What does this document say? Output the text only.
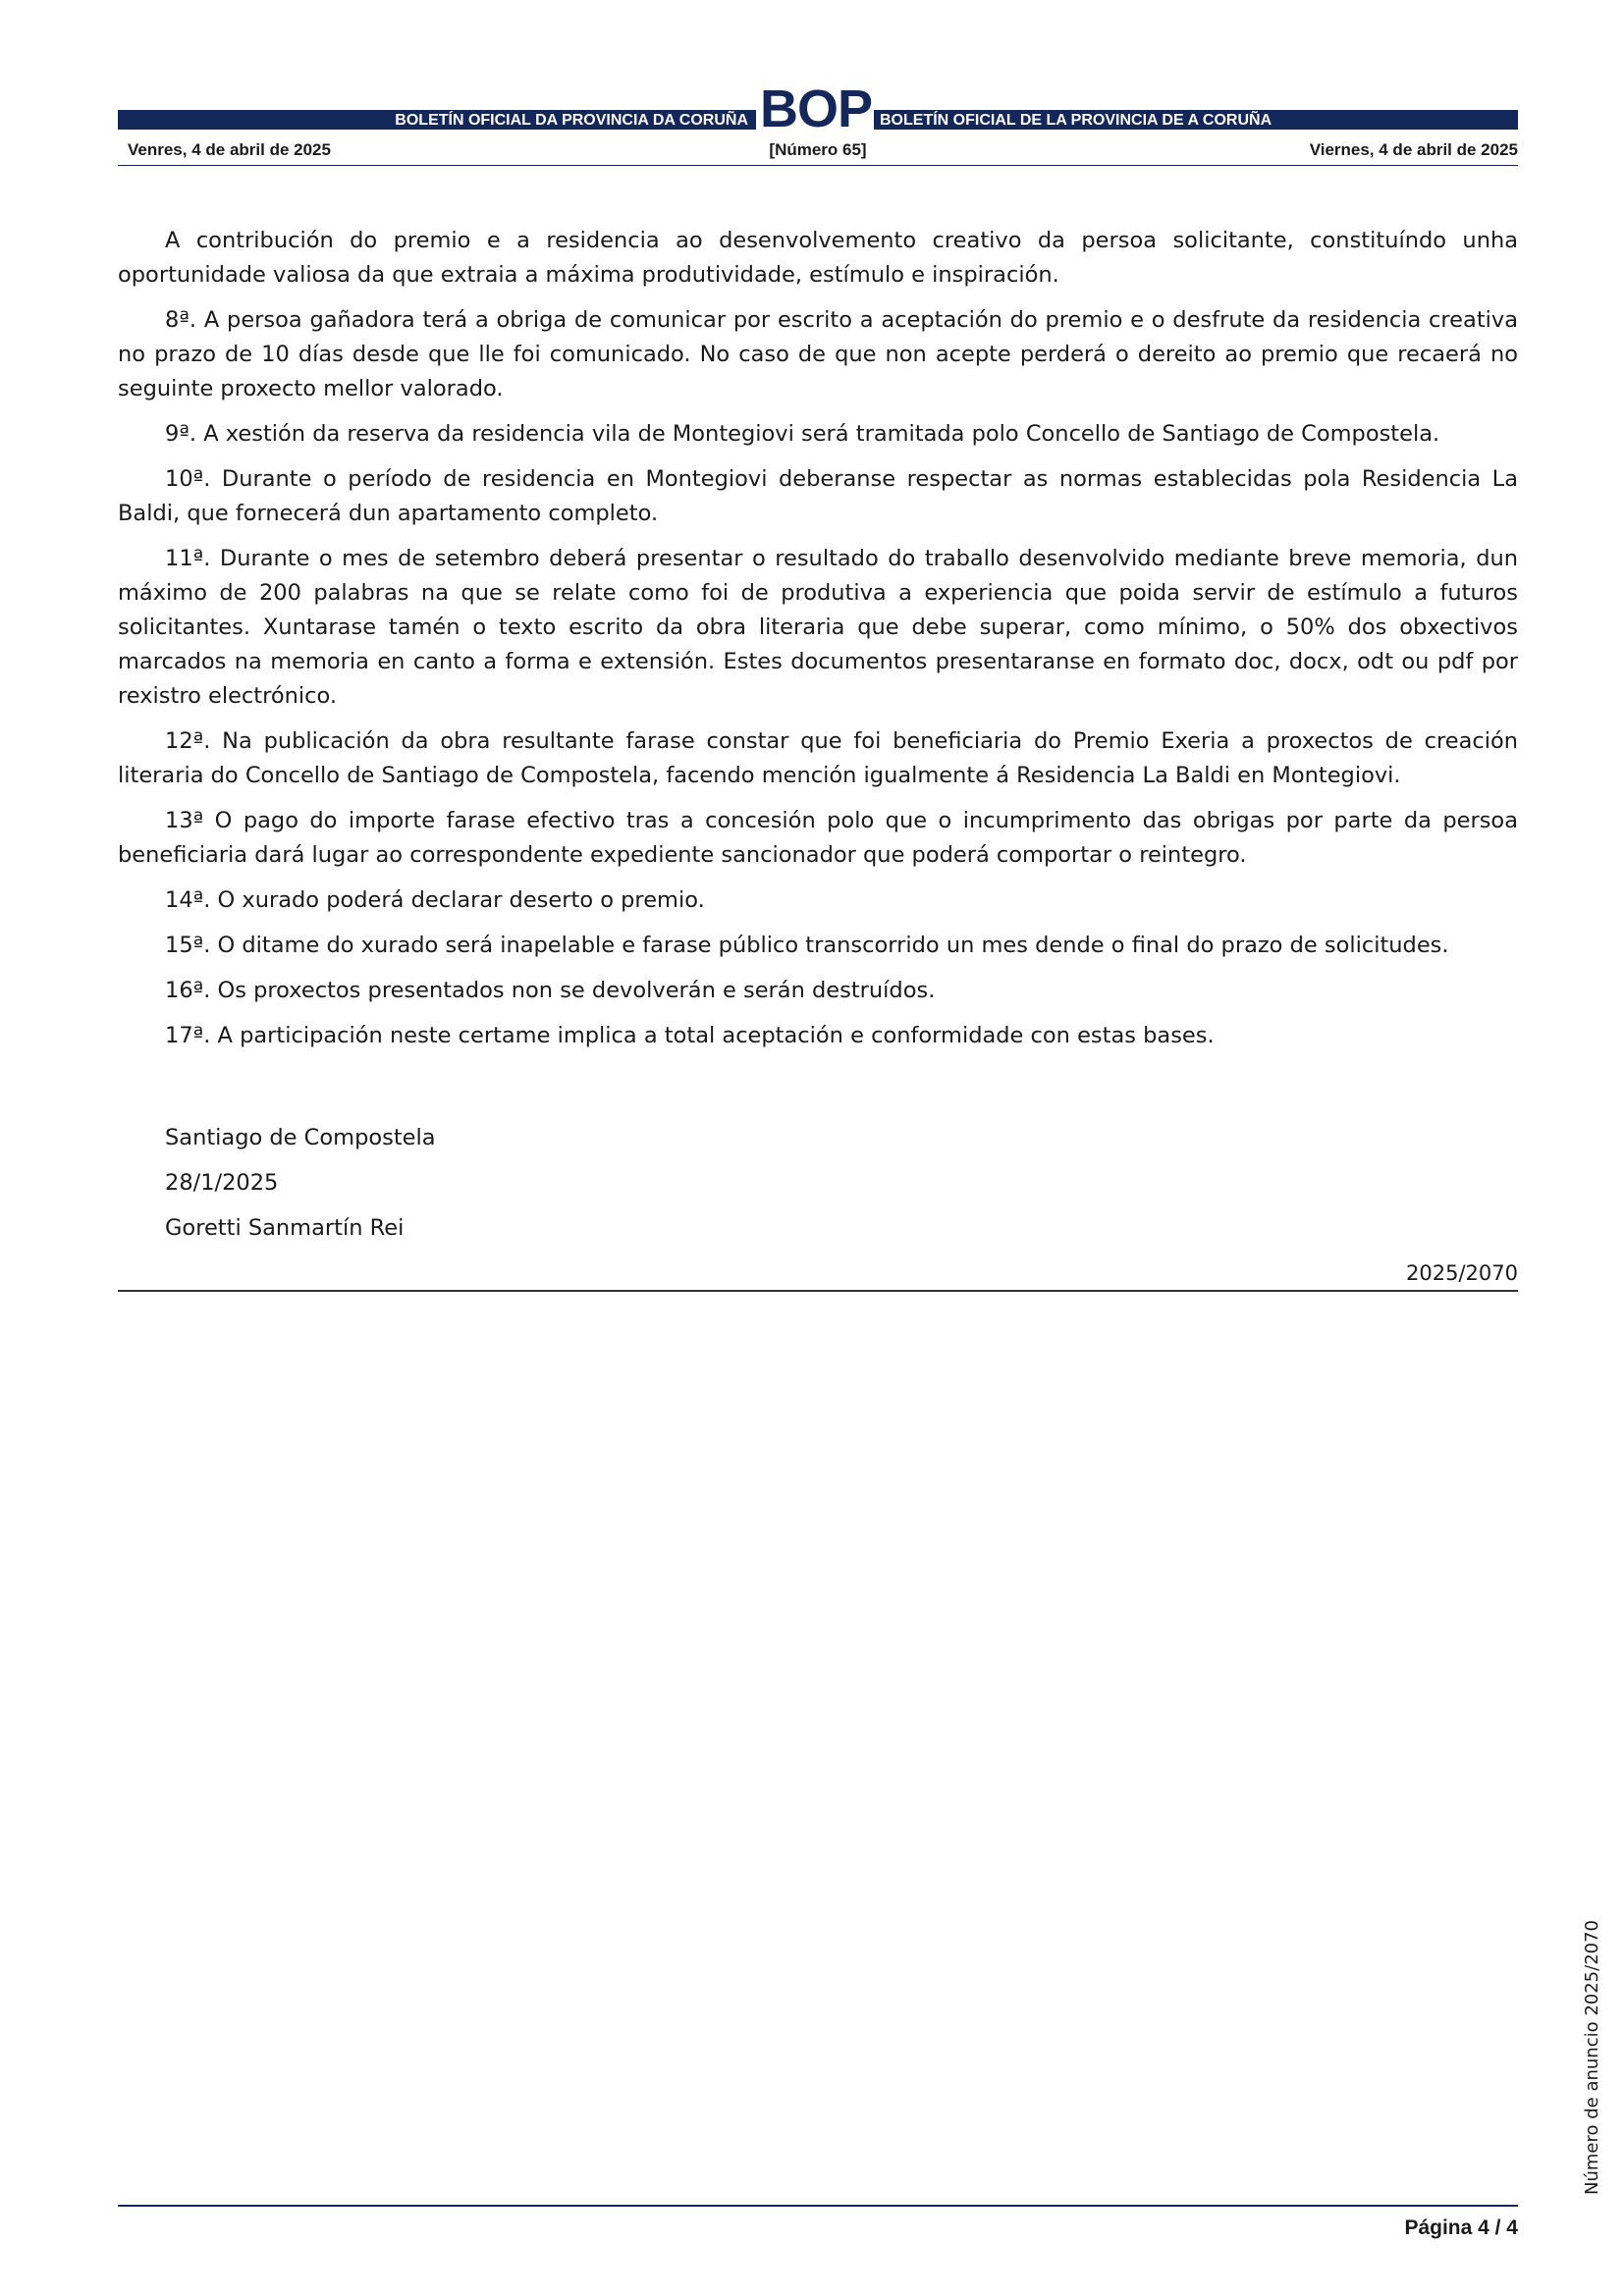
BOLETÍN OFICIAL DA PROVINCIA DA CORUÑA BOP BOLETÍN OFICIAL DE LA PROVINCIA DE A CORUÑA
Venres, 4 de abril de 2025	[Número 65]	Viernes, 4 de abril de 2025

A contribución do premio e a residencia ao desenvolvemento creativo da persoa solicitante, constituíndo unha oportunidade valiosa da que extraia a máxima produtividade, estímulo e inspiración.

8ª. A persoa gañadora terá a obriga de comunicar por escrito a aceptación do premio e o desfrute da residencia creativa no prazo de 10 días desde que lle foi comunicado. No caso de que non acepte perderá o dereito ao premio que recaerá no seguinte proxecto mellor valorado.

9ª. A xestión da reserva da residencia vila de Montegiovi será tramitada polo Concello de Santiago de Compostela.

10ª. Durante o período de residencia en Montegiovi deberanse respectar as normas establecidas pola Residencia La Baldi, que fornecerá dun apartamento completo.

11ª. Durante o mes de setembro deberá presentar o resultado do traballo desenvolvido mediante breve memoria, dun máximo de 200 palabras na que se relate como foi de produtiva a experiencia que poida servir de estímulo a futuros solicitantes. Xuntarase tamén o texto escrito da obra literaria que debe superar, como mínimo, o 50% dos obxectivos marcados na memoria en canto a forma e extensión. Estes documentos presentaranse en formato doc, docx, odt ou pdf por rexistro electrónico.

12ª. Na publicación da obra resultante farase constar que foi beneficiaria do Premio Exeria a proxectos de creación literaria do Concello de Santiago de Compostela, facendo mención igualmente á Residencia La Baldi en Montegiovi.

13ª O pago do importe farase efectivo tras a concesión polo que o incumprimento das obrigas por parte da persoa beneficiaria dará lugar ao correspondente expediente sancionador que poderá comportar o reintegro.

14ª. O xurado poderá declarar deserto o premio.

15ª. O ditame do xurado será inapelable e farase público transcorrido un mes dende o final do prazo de solicitudes.

16ª. Os proxectos presentados non se devolverán e serán destruídos.

17ª. A participación neste certame implica a total aceptación e conformidade con estas bases.

Santiago de Compostela
28/1/2025
Goretti Sanmartín Rei
2025/2070
Número de anuncio 2025/2070
Página 4 / 4
